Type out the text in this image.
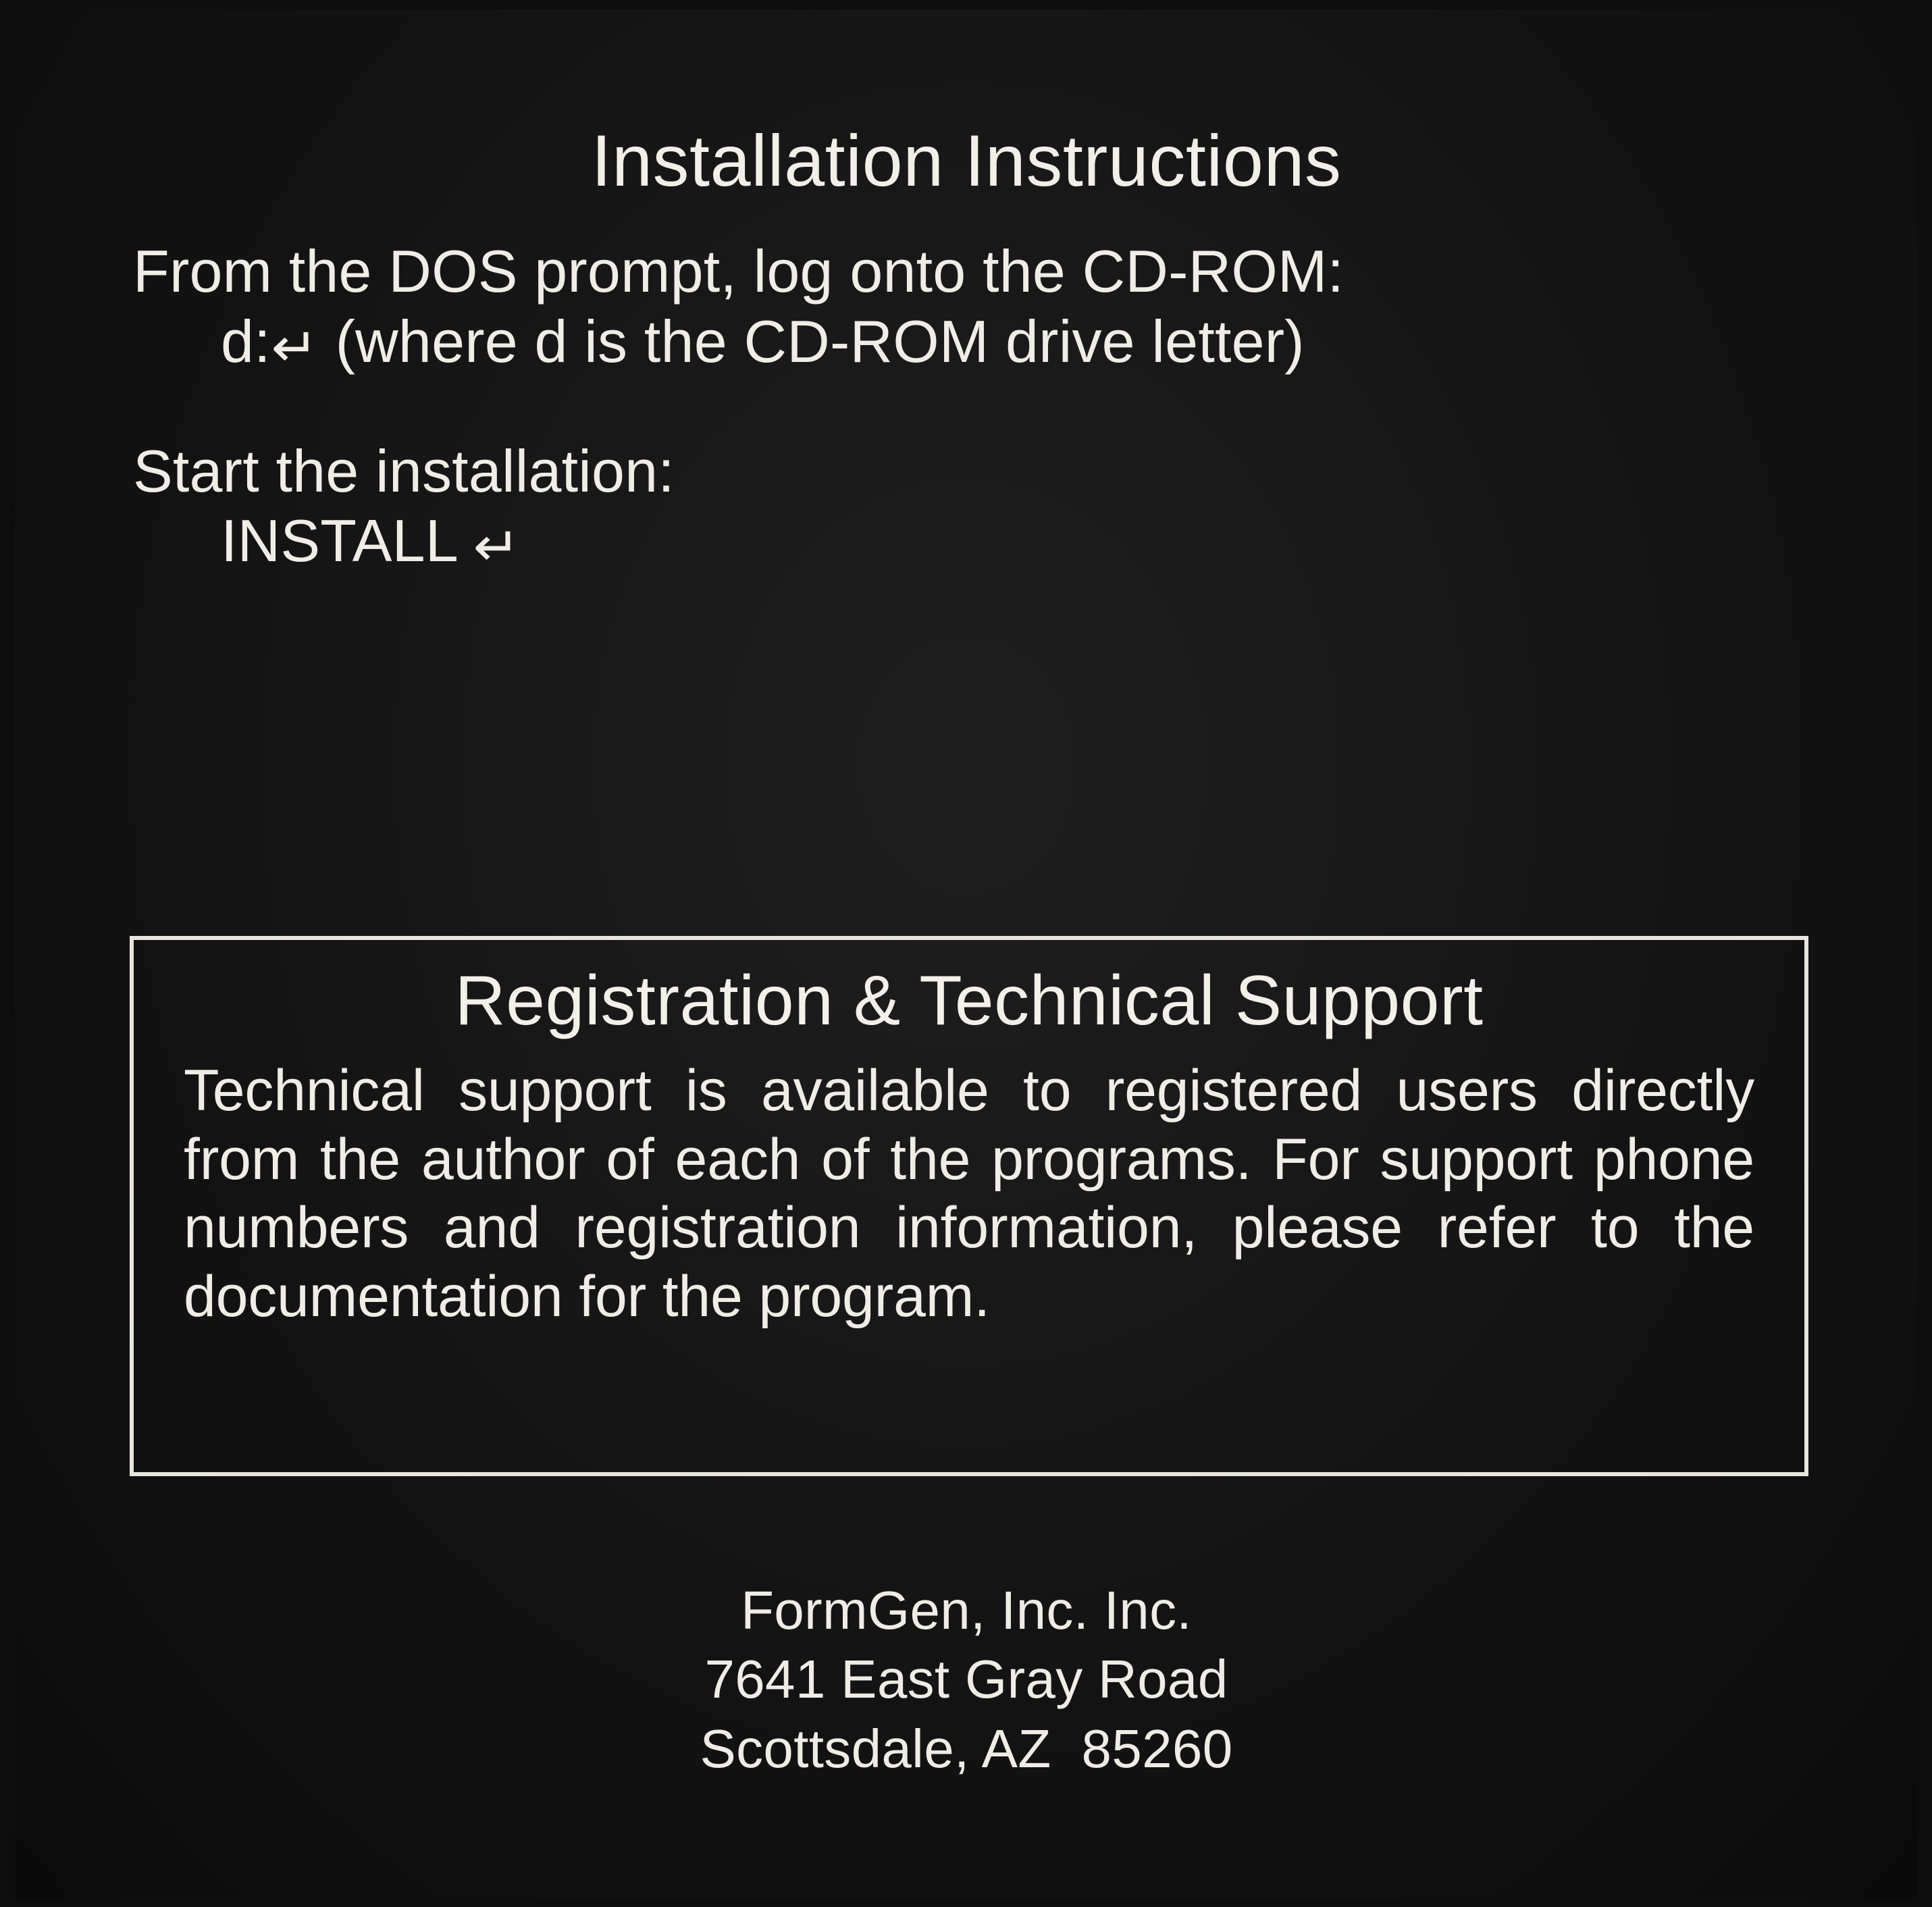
Installation Instructions
From the DOS prompt, log onto the CD-ROM:

d:↵ (where d is the CD-ROM drive letter)
Start the installation:

INSTALL ↵
Registration & Technical Support

Technical support is available to registered users directly from the author of each of the programs. For support phone numbers and registration information, please refer to the documentation for the program.

FormGen, Inc. Inc.
7641 East Gray Road
Scottsdale, AZ  85260
